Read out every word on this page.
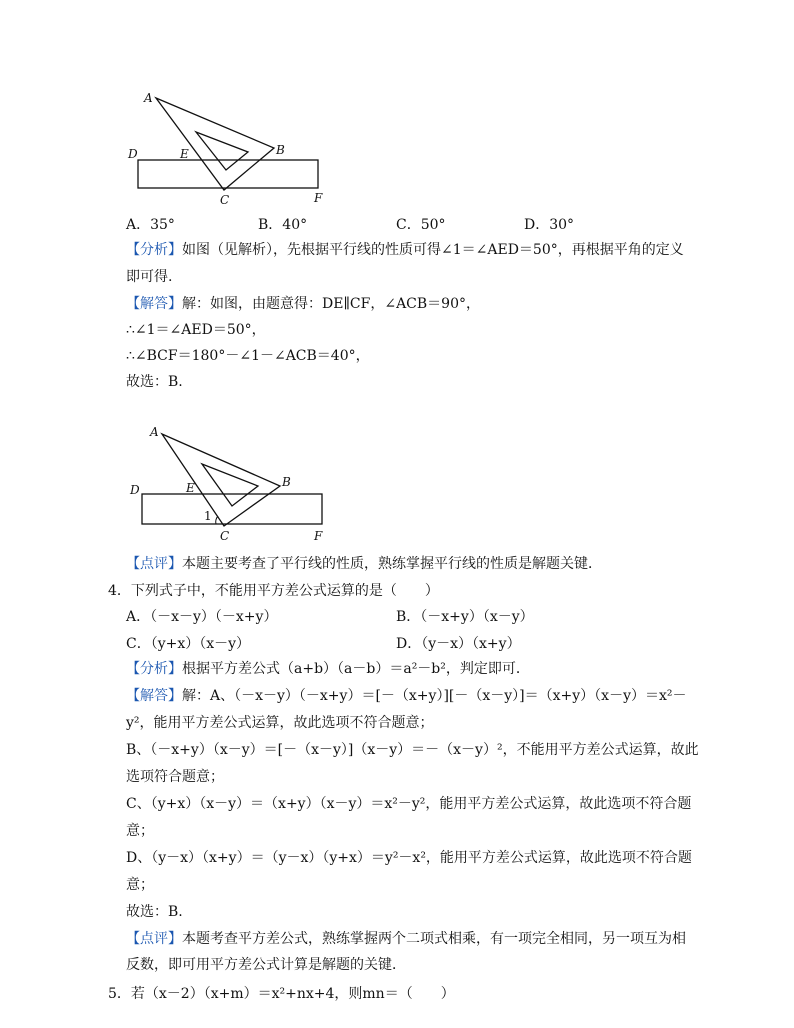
A
B
D	E
C	F
A．35°	B．40°	C．50°	D．30°
【分析】如图（见解析），先根据平行线的性质可得∠1＝∠AED＝50°，再根据平角的定义
即可得.
【解答】解：如图，由题意得：DE∥CF，∠ACB＝90°，
∴∠1＝∠AED＝50°，
∴∠BCF＝180°－∠1－∠ACB＝40°，
故选：B.
A
B
D	E
1
C	F
【点评】本题主要考查了平行线的性质，熟练掌握平行线的性质是解题关键．
4．下列式子中，不能用平方差公式运算的是（　　）
A．（－x－y）（－x+y）	B．（－x+y）（x－y）
C．（y+x）（x－y）	D．（y－x）（x+y）
【分析】根据平方差公式（a+b）（a－b）＝a²－b²，判定即可．
【解答】解：A、（－x－y）（－x+y）＝[－（x+y）][－（x－y）]＝（x+y）（x－y）＝x²－
y²，能用平方差公式运算，故此选项不符合题意；
B、（－x+y）（x－y）＝[－（x－y）]（x－y）＝－（x－y）²，不能用平方差公式运算，故此
选项符合题意；
C、（y+x）（x－y）＝（x+y）（x－y）＝x²－y²，能用平方差公式运算，故此选项不符合题
意；
D、（y－x）（x+y）＝（y－x）（y+x）＝y²－x²，能用平方差公式运算，故此选项不符合题
意；
故选：B.
【点评】本题考查平方差公式，熟练掌握两个二项式相乘，有一项完全相同，另一项互为相
反数，即可用平方差公式计算是解题的关键．
5．若（x－2）（x+m）＝x²+nx+4，则mn＝（　　）
